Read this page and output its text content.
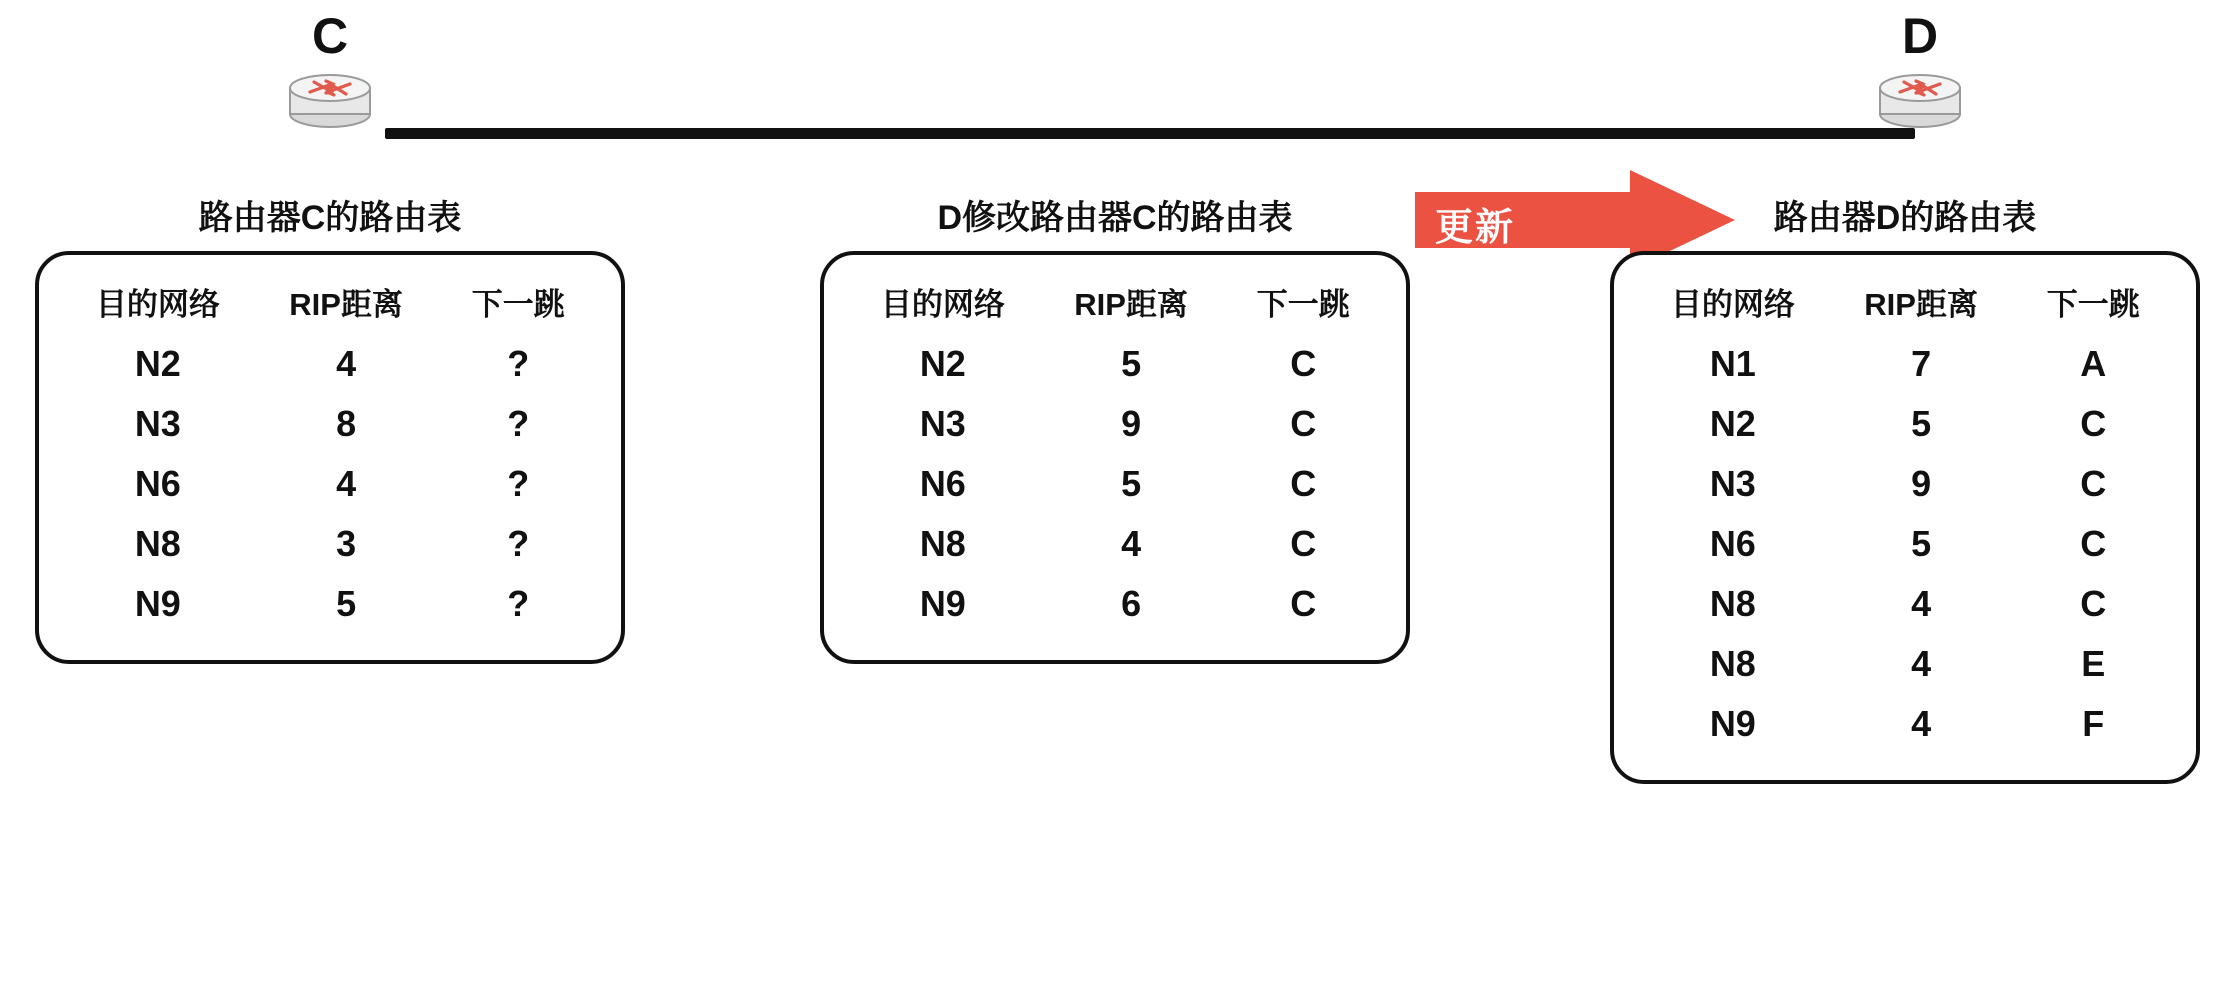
C	D
更新
路由器C的路由表
目的网络	RIP距离	下一跳
N2	4	?
N3	8	?
N6	4	?
N8	3	?
N9	5	?
D修改路由器C的路由表
目的网络	RIP距离	下一跳
N2	5	C
N3	9	C
N6	5	C
N8	4	C
N9	6	C
路由器D的路由表
目的网络	RIP距离	下一跳
N1	7	A
N2	5	C
N3	9	C
N6	5	C
N8	4	C
N8	4	E
N9	4	F
